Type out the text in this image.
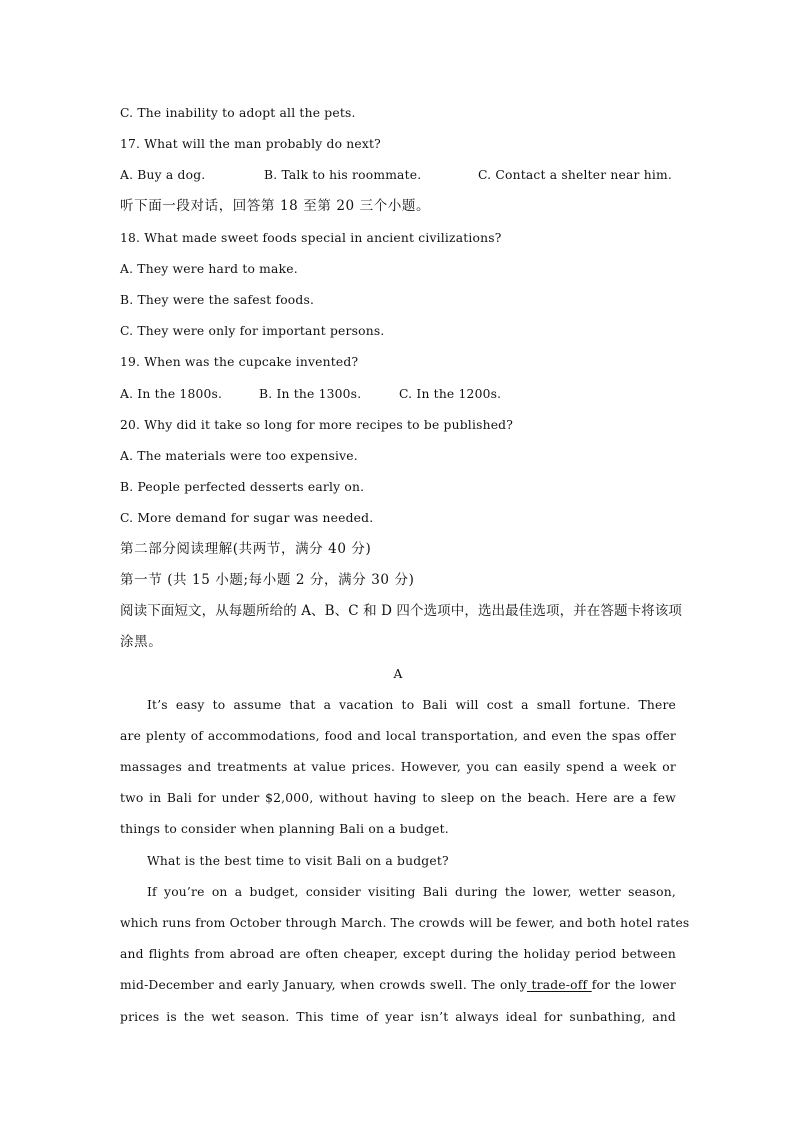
C. The inability to adopt all the pets.
17. What will the man probably do next?
A. Buy a dog.	B. Talk to his roommate.	C. Contact a shelter near him.
听下面一段对话，回答第 18 至第 20 三个小题。
18. What made sweet foods special in ancient civilizations?
A. They were hard to make.
B. They were the safest foods.
C. They were only for important persons.
19. When was the cupcake invented?
A. In the 1800s.	B. In the 1300s.	C. In the 1200s.
20. Why did it take so long for more recipes to be published?
A. The materials were too expensive.
B. People perfected desserts early on.
C. More demand for sugar was needed.
第二部分阅读理解(共两节，满分 40 分)
第一节 (共 15 小题;每小题 2 分，满分 30 分)
阅读下面短文，从每题所给的 A、B、C 和 D 四个选项中，选出最佳选项，并在答题卡将该项
涂黑。
A
It’s easy to assume that a vacation to Bali will cost a small fortune. There
are plenty of accommodations, food and local transportation, and even the spas offer
massages and treatments at value prices. However, you can easily spend a week or
two in Bali for under $2,000, without having to sleep on the beach. Here are a few
things to consider when planning Bali on a budget.
What is the best time to visit Bali on a budget?
If you’re on a budget, consider visiting Bali during the lower, wetter season,
which runs from October through March. The crowds will be fewer, and both hotel rates
and flights from abroad are often cheaper, except during the holiday period between
mid-December and early January, when crowds swell. The only trade-off for the lower
prices is the wet season. This time of year isn’t always ideal for sunbathing, and
